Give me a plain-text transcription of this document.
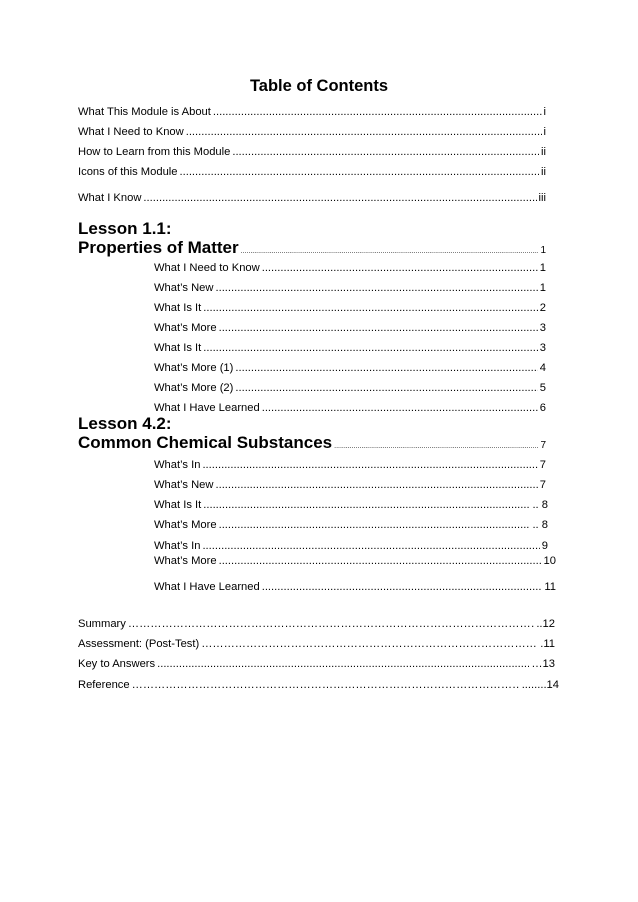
Table of Contents
What This Module is About .....	i
What I Need to Know .....	i
How to Learn from this Module .....	ii
Icons of this Module .....	ii
What I Know .....	iii
Lesson 1.1:
Properties of Matter .....	1
What I Need to Know .....	1
What’s New .....	1
What Is It .....	2
What’s More .....	3
What Is It .....	3
What’s More (1) .....	4
What’s More (2) .....	5
What I Have Learned .....	6
Lesson 4.2:
Common Chemical Substances .....	7
What’s In .....	7
What’s New .....	7
What Is It .....	.. 8
What’s More .....	.. 8
What’s In .....	9
What’s More .....	10
What I Have Learned .....	11
Summary …………………………………………………………………………………………………………………………………………………………………………………………………………………………………………	..12
Assessment: (Post-Test) …………………………………………………………………………………………………………………………………………………………………………………………………………………………………………	.11
Key to Answers .....	…13
Reference …………………………………………………………………………………………………………………………………………………………………………………………………………………………………………	........14
